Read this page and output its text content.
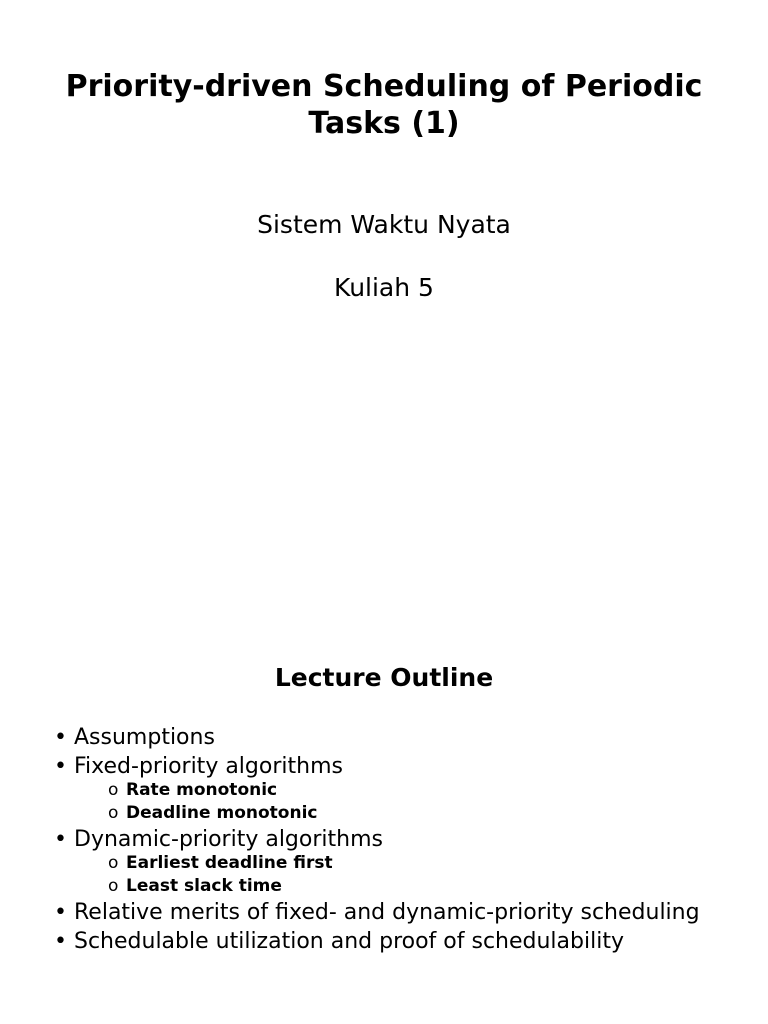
Priority-driven Scheduling of Periodic Tasks (1)

Sistem Waktu Nyata

Kuliah 5

Lecture Outline
• Assumptions
• Fixed-priority algorithms
o Rate monotonic
o Deadline monotonic
• Dynamic-priority algorithms
o Earliest deadline first
o Least slack time
• Relative merits of fixed- and dynamic-priority scheduling
• Schedulable utilization and proof of schedulability
